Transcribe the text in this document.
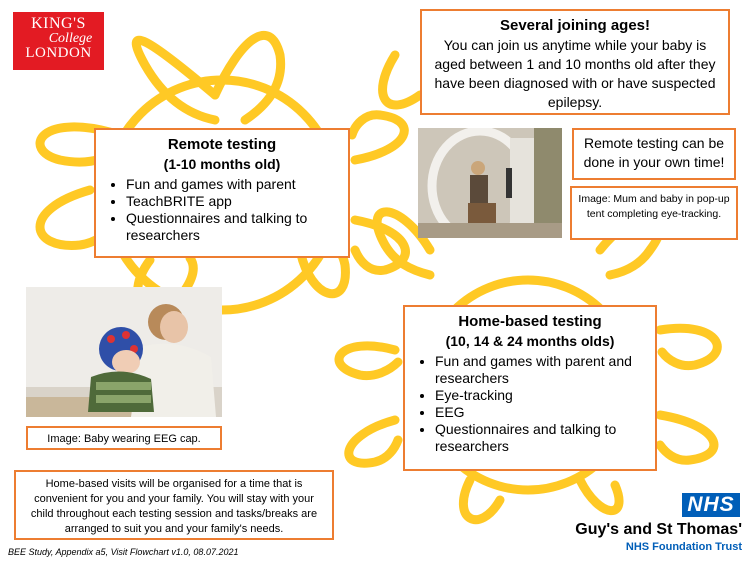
KING'S
College
LONDON
Several joining ages!
You can join us anytime while your baby is aged between 1 and 10 months old after they have been diagnosed with or have suspected epilepsy.
Remote testing
(1-10 months old)
• Fun and games with parent
• TeachBRITE app
• Questionnaires and talking to researchers
Remote testing can be done in your own time!
Image: Mum and baby in pop-up tent completing eye-tracking.
Image: Baby wearing EEG cap.
Home-based testing
(10, 14 & 24 months olds)
• Fun and games with parent and researchers
• Eye-tracking
• EEG
• Questionnaires and talking to researchers
Home-based visits will be organised for a time that is convenient for you and your family. You will stay with your child throughout each testing session and tasks/breaks are arranged to suit you and your family's needs.
BEE Study, Appendix a5, Visit Flowchart v1.0, 08.07.2021
NHS
Guy's and St Thomas'
NHS Foundation Trust
